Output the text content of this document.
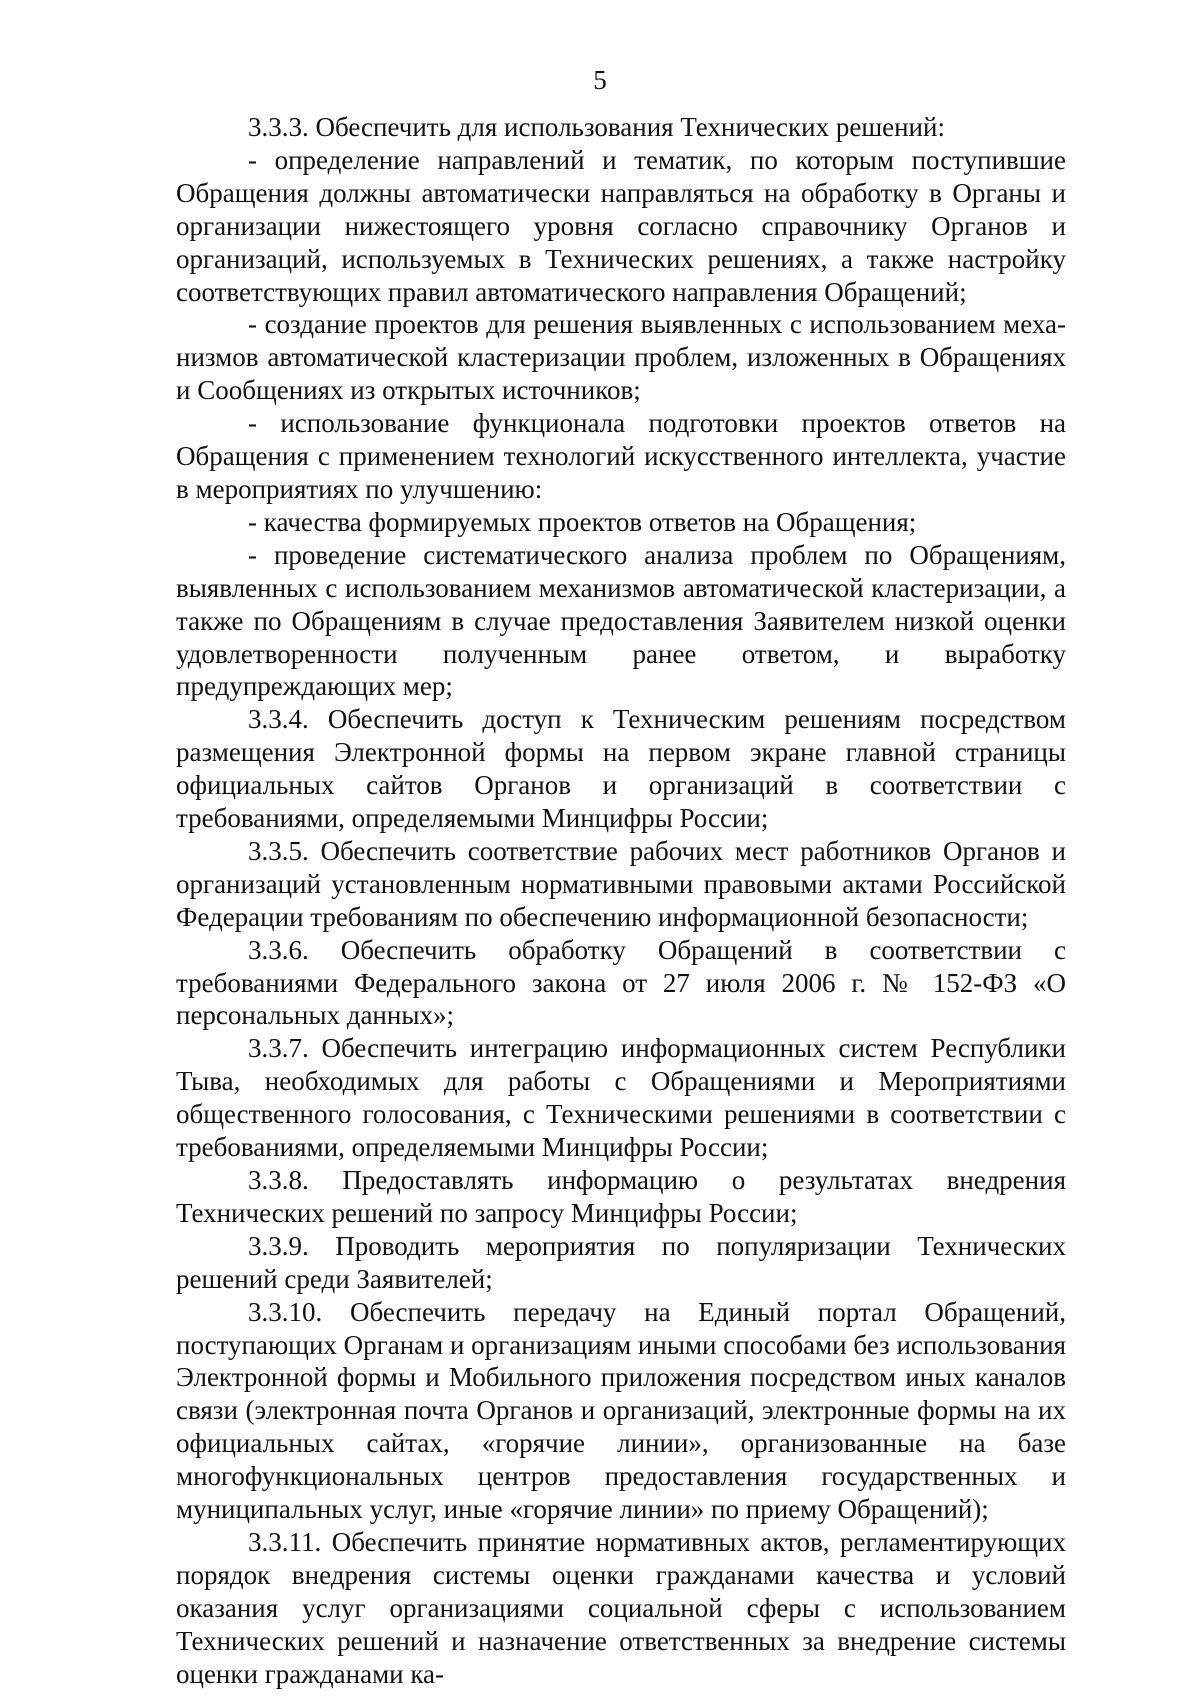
5

3.3.3. Обеспечить для использования Технических решений:

- определение направлений и тематик, по которым поступившие Обращения должны автоматически направляться на обработку в Органы и организации нижестоящего уровня согласно справочнику Органов и организаций, используемых в Технических решениях, а также настройку соответствующих правил автоматического направления Обращений;

- создание проектов для решения выявленных с использованием механизмов автоматической кластеризации проблем, изложенных в Обращениях и Сообщениях из открытых источников;

- использование функционала подготовки проектов ответов на Обращения с применением технологий искусственного интеллекта, участие в мероприятиях по улучшению:

- качества формируемых проектов ответов на Обращения;

- проведение систематического анализа проблем по Обращениям, выявленных с использованием механизмов автоматической кластеризации, а также по Обращениям в случае предоставления Заявителем низкой оценки удовлетворенности полученным ранее ответом, и выработку предупреждающих мер;

3.3.4. Обеспечить доступ к Техническим решениям посредством размещения Электронной формы на первом экране главной страницы официальных сайтов Органов и организаций в соответствии с требованиями, определяемыми Минцифры России;

3.3.5. Обеспечить соответствие рабочих мест работников Органов и организаций установленным нормативными правовыми актами Российской Федерации требованиям по обеспечению информационной безопасности;

3.3.6. Обеспечить обработку Обращений в соответствии с требованиями Федерального закона от 27 июля 2006 г. № 152-ФЗ «О персональных данных»;

3.3.7. Обеспечить интеграцию информационных систем Республики Тыва, необходимых для работы с Обращениями и Мероприятиями общественного голосования, с Техническими решениями в соответствии с требованиями, определяемыми Минцифры России;

3.3.8. Предоставлять информацию о результатах внедрения Технических решений по запросу Минцифры России;

3.3.9. Проводить мероприятия по популяризации Технических решений среди Заявителей;

3.3.10. Обеспечить передачу на Единый портал Обращений, поступающих Органам и организациям иными способами без использования Электронной формы и Мобильного приложения посредством иных каналов связи (электронная почта Органов и организаций, электронные формы на их официальных сайтах, «горячие линии», организованные на базе многофункциональных центров предоставления государственных и муниципальных услуг, иные «горячие линии» по приему Обращений);

3.3.11. Обеспечить принятие нормативных актов, регламентирующих порядок внедрения системы оценки гражданами качества и условий оказания услуг организациями социальной сферы с использованием Технических решений и назначение ответственных за внедрение системы оценки гражданами ка-
